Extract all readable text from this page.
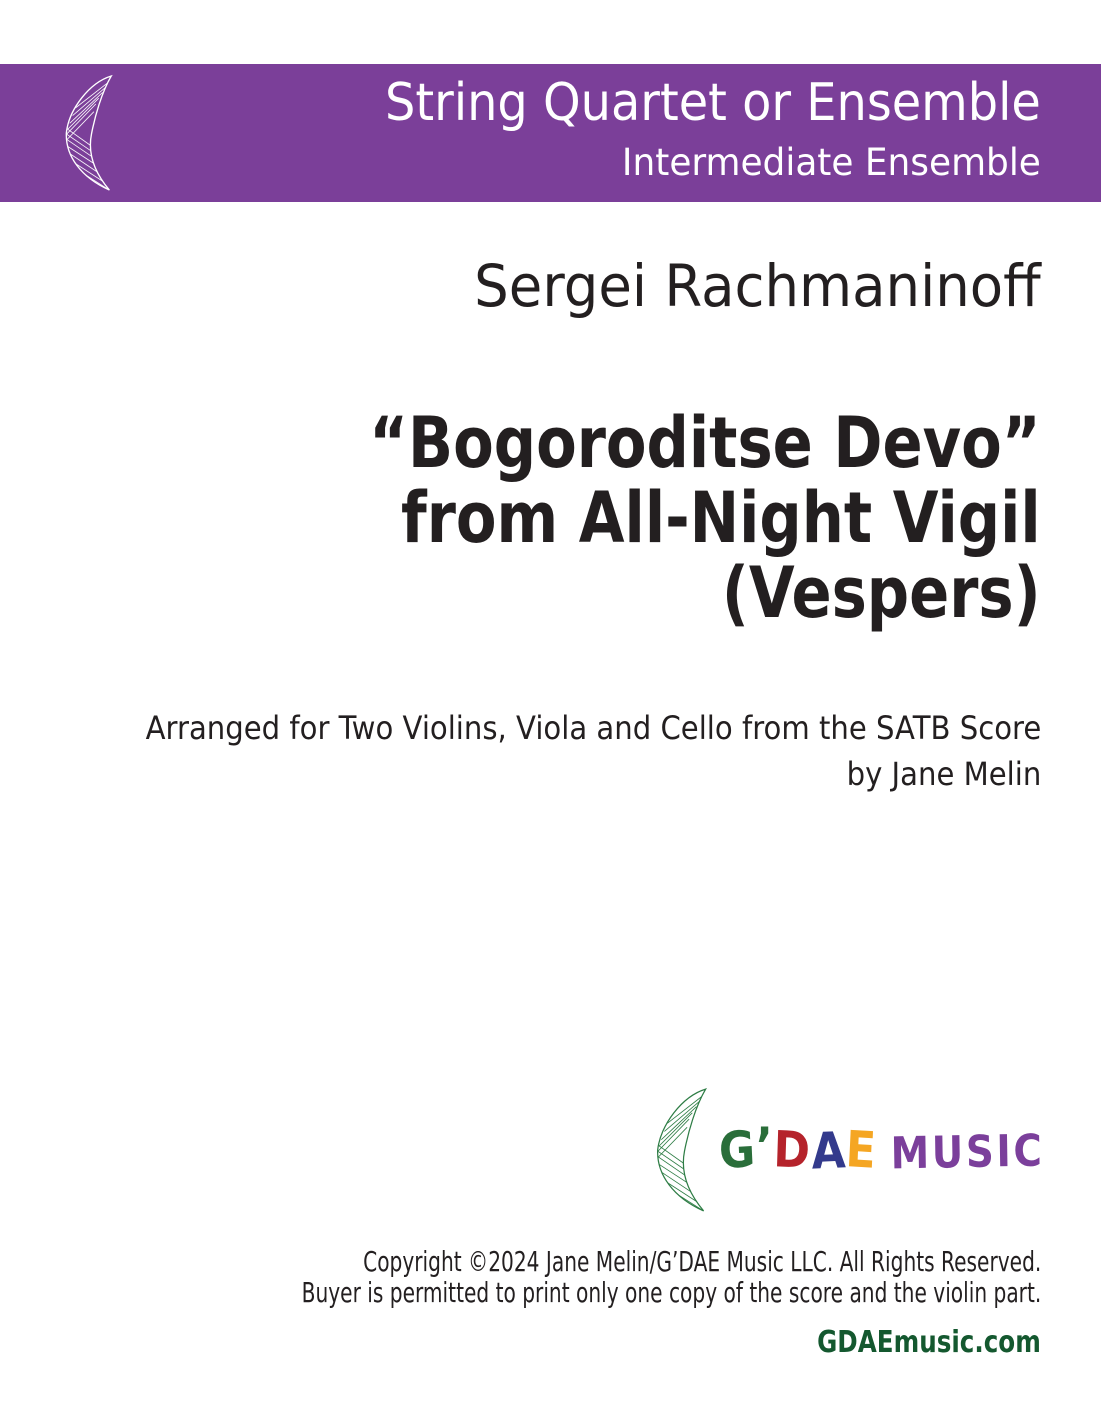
String Quartet or Ensemble
Intermediate Ensemble
Sergei Rachmaninoff
“Bogoroditse Devo”
from All-Night Vigil
(Vespers)
Arranged for Two Violins, Viola and Cello from the SATB Score
by Jane Melin
G’DAE MUSIC
Copyright ©2024 Jane Melin/G’DAE Music LLC. All Rights Reserved.
Buyer is permitted to print only one copy of the score and the violin part.
GDAEmusic.com
